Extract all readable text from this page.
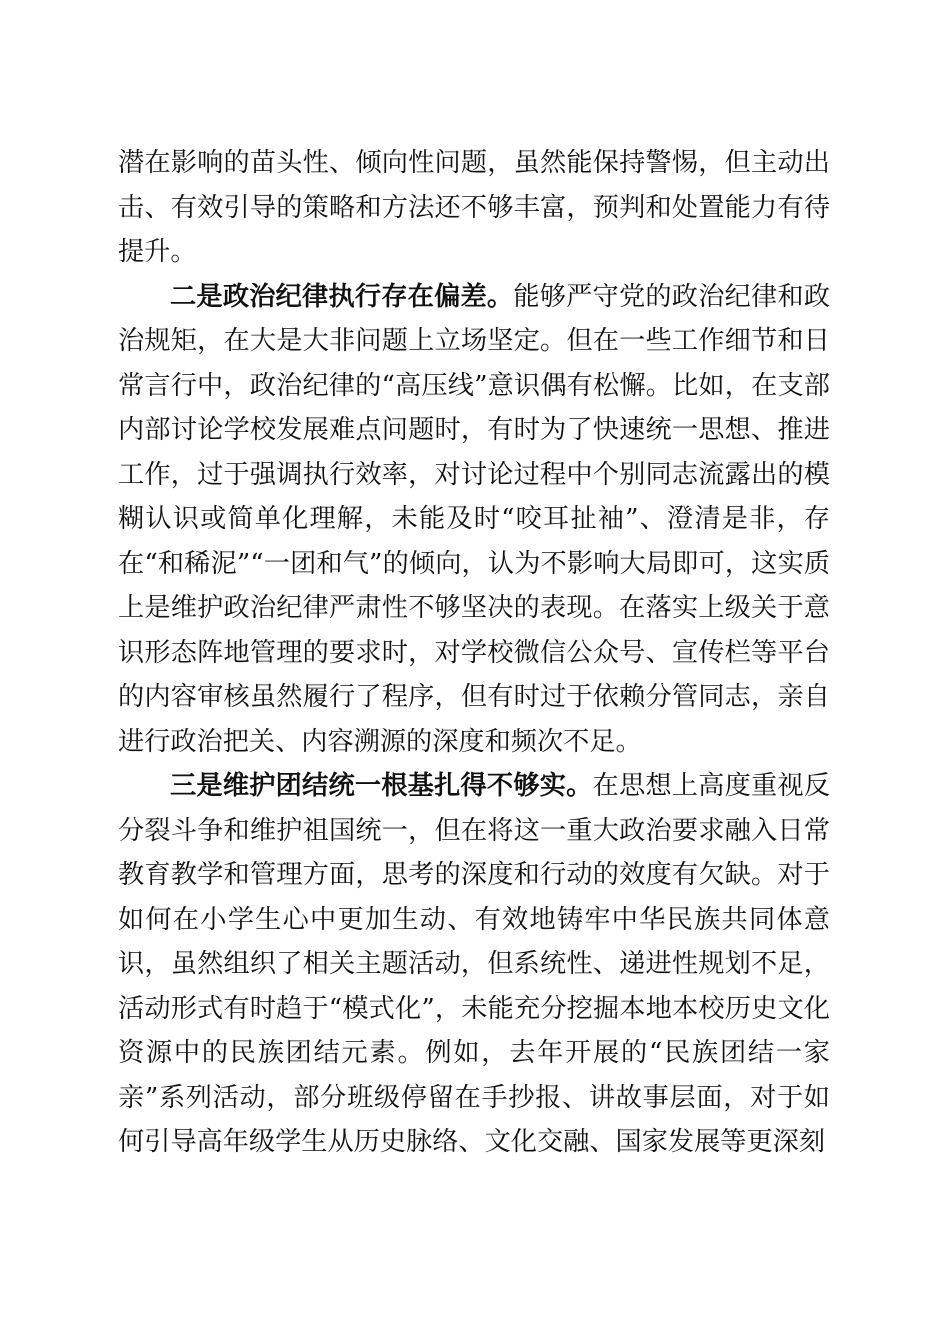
潜在影响的苗头性、倾向性问题，虽然能保持警惕，但主动出击、有效引导的策略和方法还不够丰富，预判和处置能力有待提升。

二是政治纪律执行存在偏差。能够严守党的政治纪律和政治规矩，在大是大非问题上立场坚定。但在一些工作细节和日常言行中，政治纪律的“高压线”意识偶有松懈。比如，在支部内部讨论学校发展难点问题时，有时为了快速统一思想、推进工作，过于强调执行效率，对讨论过程中个别同志流露出的模糊认识或简单化理解，未能及时“咬耳扯袖”、澄清是非，存在“和稀泥”“一团和气”的倾向，认为不影响大局即可，这实质上是维护政治纪律严肃性不够坚决的表现。在落实上级关于意识形态阵地管理的要求时，对学校微信公众号、宣传栏等平台的内容审核虽然履行了程序，但有时过于依赖分管同志，亲自进行政治把关、内容溯源的深度和频次不足。

三是维护团结统一根基扎得不够实。在思想上高度重视反分裂斗争和维护祖国统一，但在将这一重大政治要求融入日常教育教学和管理方面，思考的深度和行动的效度有欠缺。对于如何在小学生心中更加生动、有效地铸牢中华民族共同体意识，虽然组织了相关主题活动，但系统性、递进性规划不足，活动形式有时趋于“模式化”，未能充分挖掘本地本校历史文化资源中的民族团结元素。例如，去年开展的“民族团结一家亲”系列活动，部分班级停留在手抄报、讲故事层面，对于如何引导高年级学生从历史脉络、文化交融、国家发展等更深刻
